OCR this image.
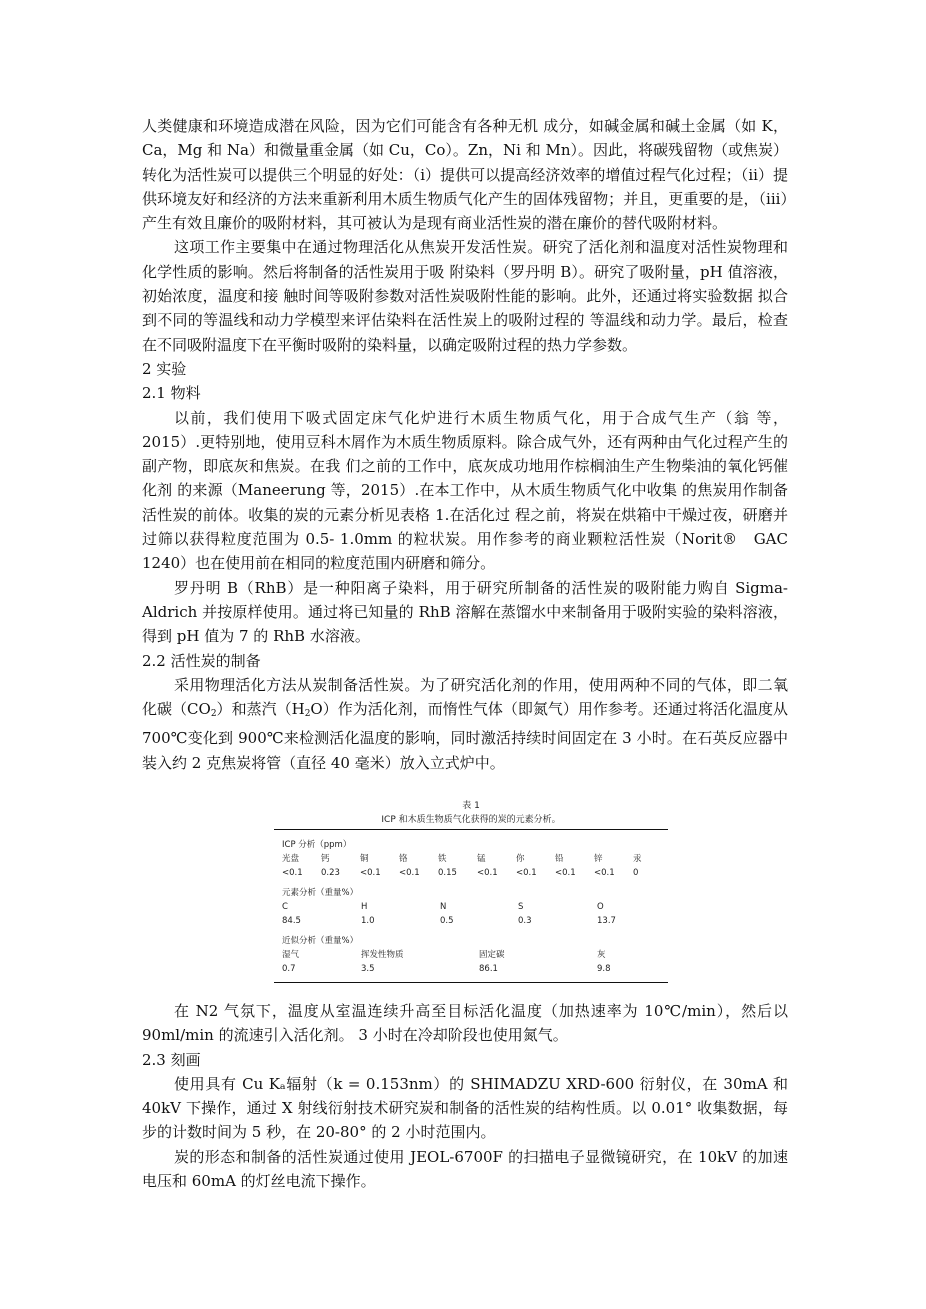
人类健康和环境造成潜在风险，因为它们可能含有各种无机 成分，如碱金属和碱土金属（如 K，Ca，Mg 和 Na）和微量重金属（如 Cu，Co）。Zn，Ni 和 Mn）。因此，将碳残留物（或焦炭）转化为活性炭可以提供三个明显的好处：（i）提供可以提高经济效率的增值过程气化过程；（ii）提供环境友好和经济的方法来重新利用木质生物质气化产生的固体残留物；并且，更重要的是，（iii）产生有效且廉价的吸附材料，其可被认为是现有商业活性炭的潜在廉价的替代吸附材料。

这项工作主要集中在通过物理活化从焦炭开发活性炭。研究了活化剂和温度对活性炭物理和化学性质的影响。然后将制备的活性炭用于吸 附染料（罗丹明 B）。研究了吸附量，pH 值溶液，初始浓度，温度和接 触时间等吸附参数对活性炭吸附性能的影响。此外，还通过将实验数据 拟合到不同的等温线和动力学模型来评估染料在活性炭上的吸附过程的 等温线和动力学。最后，检查在不同吸附温度下在平衡时吸附的染料量，以确定吸附过程的热力学参数。

2 实验

2.1 物料

以前，我们使用下吸式固定床气化炉进行木质生物质气化，用于合成气生产（翁 等，2015）.更特别地，使用豆科木屑作为木质生物质原料。除合成气外，还有两种由气化过程产生的副产物，即底灰和焦炭。在我 们之前的工作中，底灰成功地用作棕榈油生产生物柴油的氧化钙催化剂 的来源（Maneerung 等，2015）.在本工作中，从木质生物质气化中收集 的焦炭用作制备活性炭的前体。收集的炭的元素分析见表格 1.在活化过 程之前，将炭在烘箱中干燥过夜，研磨并过筛以获得粒度范围为 0.5- 1.0mm 的粒状炭。用作参考的商业颗粒活性炭（Norit®　GAC 1240）也在使用前在相同的粒度范围内研磨和筛分。

罗丹明 B（RhB）是一种阳离子染料，用于研究所制备的活性炭的吸附能力购自 Sigma-Aldrich 并按原样使用。通过将已知量的 RhB 溶解在蒸馏水中来制备用于吸附实验的染料溶液，得到 pH 值为 7 的 RhB 水溶液。

2.2 活性炭的制备

采用物理活化方法从炭制备活性炭。为了研究活化剂的作用，使用两种不同的气体，即二氧化碳$(CO_2)$和蒸汽$(H_2O)$作为活化剂，而惰性气体（即氮气）用作参考。还通过将活化温度从 700℃变化到 900℃来检测活化温度的影响，同时激活持续时间固定在 3 小时。在石英反应器中装入约 2 克焦炭将管（直径 40 毫米）放入立式炉中。

表 1
ICP 和木质生物质气化获得的炭的元素分析。
ICP 分析（ppm）
光盘	钙	铜	铬	铁	锰	你	铅	锌	汞
<0.1	0.23	<0.1	<0.1	0.15	<0.1	<0.1	<0.1	<0.1	0
元素分析（重量%）
C	H	N	S	O
84.5	1.0	0.5	0.3	13.7
近似分析（重量%）
湿气	挥发性物质	固定碳	灰
0.7	3.5	86.1	9.8

在 N2 气氛下，温度从室温连续升高至目标活化温度（加热速率为 10℃/min），然后以 90ml/min 的流速引入活化剂。 3 小时在冷却阶段也使用氮气。

2.3 刻画

使用具有 Cu Kₐ辐射（k = 0.153nm）的 SHIMADZU XRD-600 衍射仪，在 30mA 和 40kV 下操作，通过 X 射线衍射技术研究炭和制备的活性炭的结构性质。以 0.01° 收集数据，每步的计数时间为 5 秒，在 20-80° 的 2 小时范围内。

炭的形态和制备的活性炭通过使用 JEOL-6700F 的扫描电子显微镜研究，在 10kV 的加速电压和 60mA 的灯丝电流下操作。
